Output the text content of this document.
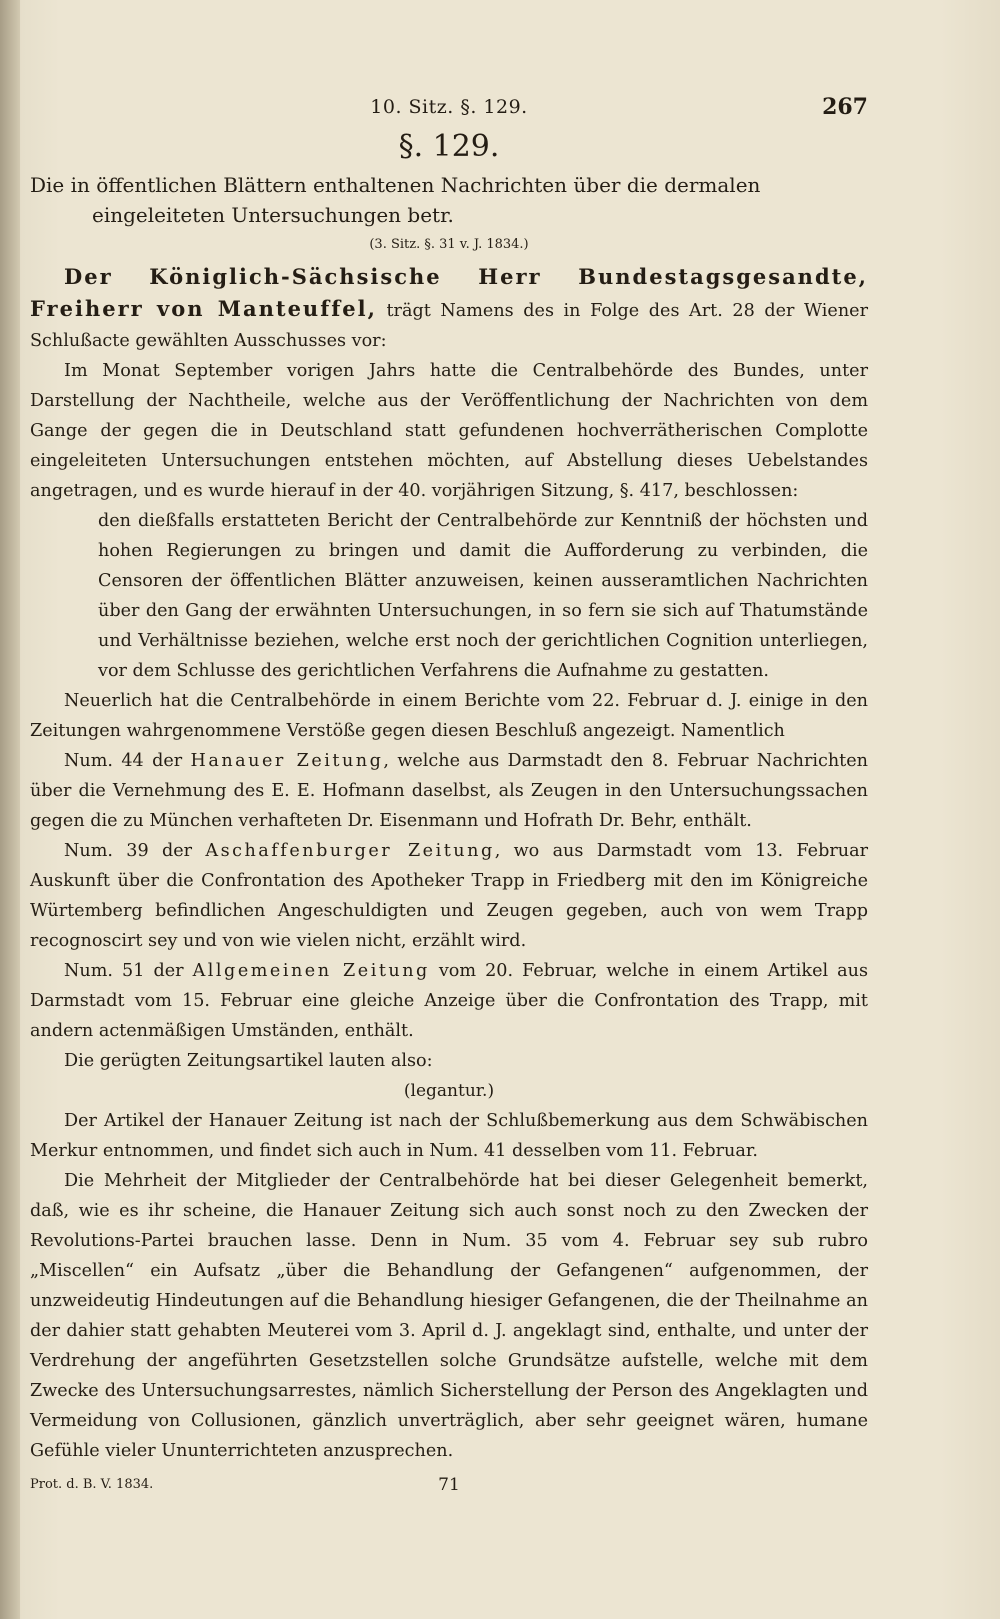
10. Sitz. §. 129.	267
§. 129.
Die in öffentlichen Blättern enthaltenen Nachrichten über die dermalen eingeleiteten Untersuchungen betr.
(3. Sitz. §. 31 v. J. 1834.)

Der Königlich-Sächsische Herr Bundestagsgesandte, Freiherr von Manteuffel, trägt Namens des in Folge des Art. 28 der Wiener Schlußacte gewählten Ausschusses vor:

Im Monat September vorigen Jahrs hatte die Centralbehörde des Bundes, unter Darstellung der Nachtheile, welche aus der Veröffentlichung der Nachrichten von dem Gange der gegen die in Deutschland statt gefundenen hochverrätherischen Complotte eingeleiteten Untersuchungen entstehen möchten, auf Abstellung dieses Uebelstandes angetragen, und es wurde hierauf in der 40. vorjährigen Sitzung, §. 417, beschlossen:

den dießfalls erstatteten Bericht der Centralbehörde zur Kenntniß der höchsten und hohen Regierungen zu bringen und damit die Aufforderung zu verbinden, die Censoren der öffentlichen Blätter anzuweisen, keinen ausseramtlichen Nachrichten über den Gang der erwähnten Untersuchungen, in so fern sie sich auf Thatumstände und Verhältnisse beziehen, welche erst noch der gerichtlichen Cognition unterliegen, vor dem Schlusse des gerichtlichen Verfahrens die Aufnahme zu gestatten.

Neuerlich hat die Centralbehörde in einem Berichte vom 22. Februar d. J. einige in den Zeitungen wahrgenommene Verstöße gegen diesen Beschluß angezeigt. Namentlich

Num. 44 der Hanauer Zeitung, welche aus Darmstadt den 8. Februar Nachrichten über die Vernehmung des E. E. Hofmann daselbst, als Zeugen in den Untersuchungssachen gegen die zu München verhafteten Dr. Eisenmann und Hofrath Dr. Behr, enthält.

Num. 39 der Aschaffenburger Zeitung, wo aus Darmstadt vom 13. Februar Auskunft über die Confrontation des Apotheker Trapp in Friedberg mit den im Königreiche Würtemberg befindlichen Angeschuldigten und Zeugen gegeben, auch von wem Trapp recognoscirt sey und von wie vielen nicht, erzählt wird.

Num. 51 der Allgemeinen Zeitung vom 20. Februar, welche in einem Artikel aus Darmstadt vom 15. Februar eine gleiche Anzeige über die Confrontation des Trapp, mit andern actenmäßigen Umständen, enthält.

Die gerügten Zeitungsartikel lauten also:

(legantur.)

Der Artikel der Hanauer Zeitung ist nach der Schlußbemerkung aus dem Schwäbischen Merkur entnommen, und findet sich auch in Num. 41 desselben vom 11. Februar.

Die Mehrheit der Mitglieder der Centralbehörde hat bei dieser Gelegenheit bemerkt, daß, wie es ihr scheine, die Hanauer Zeitung sich auch sonst noch zu den Zwecken der Revolutions-Partei brauchen lasse. Denn in Num. 35 vom 4. Februar sey sub rubro „Miscellen“ ein Aufsatz „über die Behandlung der Gefangenen“ aufgenommen, der unzweideutig Hindeutungen auf die Behandlung hiesiger Gefangenen, die der Theilnahme an der dahier statt gehabten Meuterei vom 3. April d. J. angeklagt sind, enthalte, und unter der Verdrehung der angeführten Gesetzstellen solche Grundsätze aufstelle, welche mit dem Zwecke des Untersuchungsarrestes, nämlich Sicherstellung der Person des Angeklagten und Vermeidung von Collusionen, gänzlich unverträglich, aber sehr geeignet wären, humane Gefühle vieler Ununterrichteten anzusprechen.

Prot. d. B. V. 1834.	71
